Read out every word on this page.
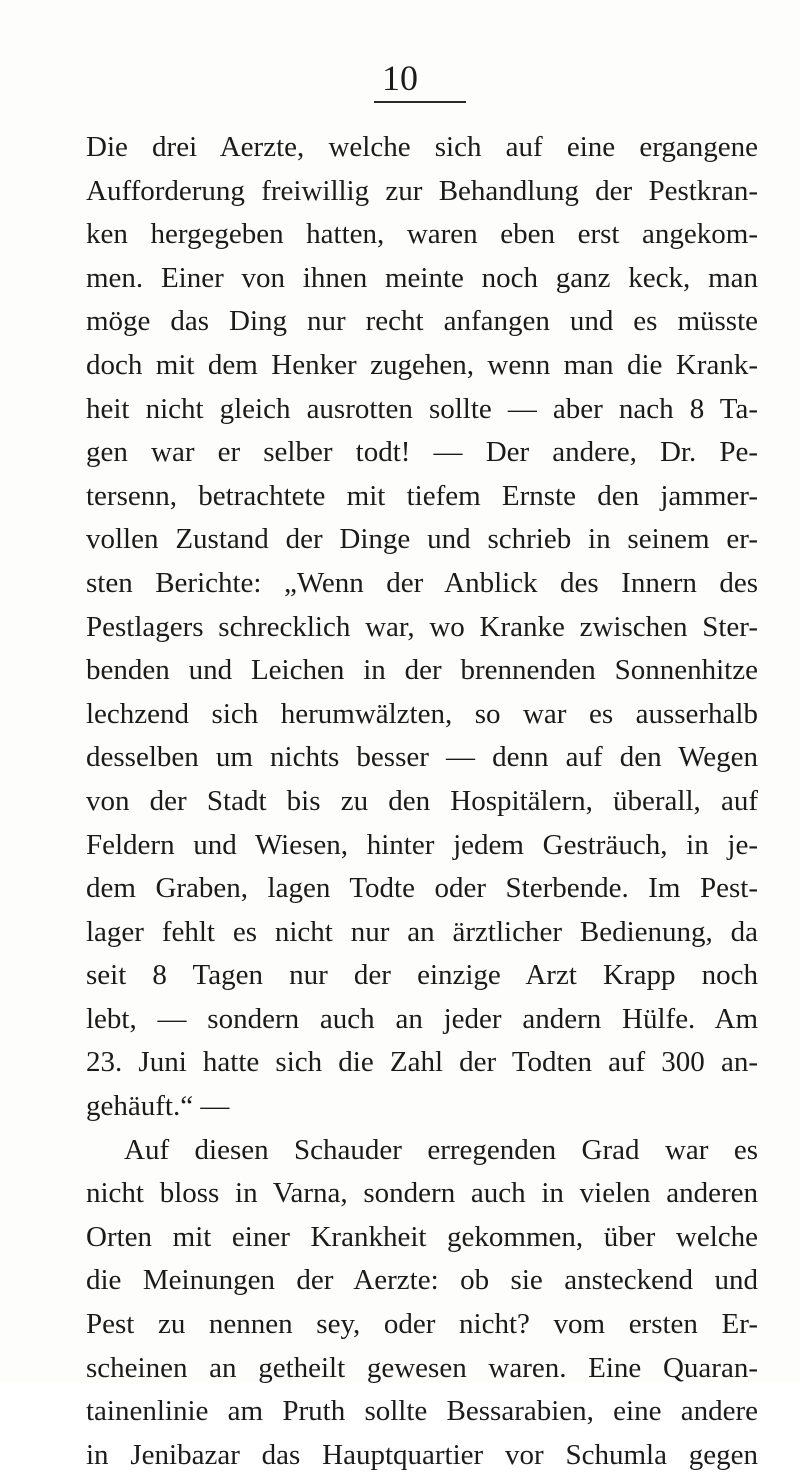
10
Die drei Aerzte, welche sich auf eine ergangene
Aufforderung freiwillig zur Behandlung der Pestkran-
ken hergegeben hatten, waren eben erst angekom-
men. Einer von ihnen meinte noch ganz keck, man
möge das Ding nur recht anfangen und es müsste
doch mit dem Henker zugehen, wenn man die Krank-
heit nicht gleich ausrotten sollte — aber nach 8 Ta-
gen war er selber todt! — Der andere, Dr. Pe-
tersenn, betrachtete mit tiefem Ernste den jammer-
vollen Zustand der Dinge und schrieb in seinem er-
sten Berichte: „Wenn der Anblick des Innern des
Pestlagers schrecklich war, wo Kranke zwischen Ster-
benden und Leichen in der brennenden Sonnenhitze
lechzend sich herumwälzten, so war es ausserhalb
desselben um nichts besser — denn auf den Wegen
von der Stadt bis zu den Hospitälern, überall, auf
Feldern und Wiesen, hinter jedem Gesträuch, in je-
dem Graben, lagen Todte oder Sterbende. Im Pest-
lager fehlt es nicht nur an ärztlicher Bedienung, da
seit 8 Tagen nur der einzige Arzt Krapp noch
lebt, — sondern auch an jeder andern Hülfe. Am
23. Juni hatte sich die Zahl der Todten auf 300 an-
gehäuft.“ —
Auf diesen Schauder erregenden Grad war es
nicht bloss in Varna, sondern auch in vielen anderen
Orten mit einer Krankheit gekommen, über welche
die Meinungen der Aerzte: ob sie ansteckend und
Pest zu nennen sey, oder nicht? vom ersten Er-
scheinen an getheilt gewesen waren. Eine Quaran-
tainenlinie am Pruth sollte Bessarabien, eine andere
in Jenibazar das Hauptquartier vor Schumla gegen
